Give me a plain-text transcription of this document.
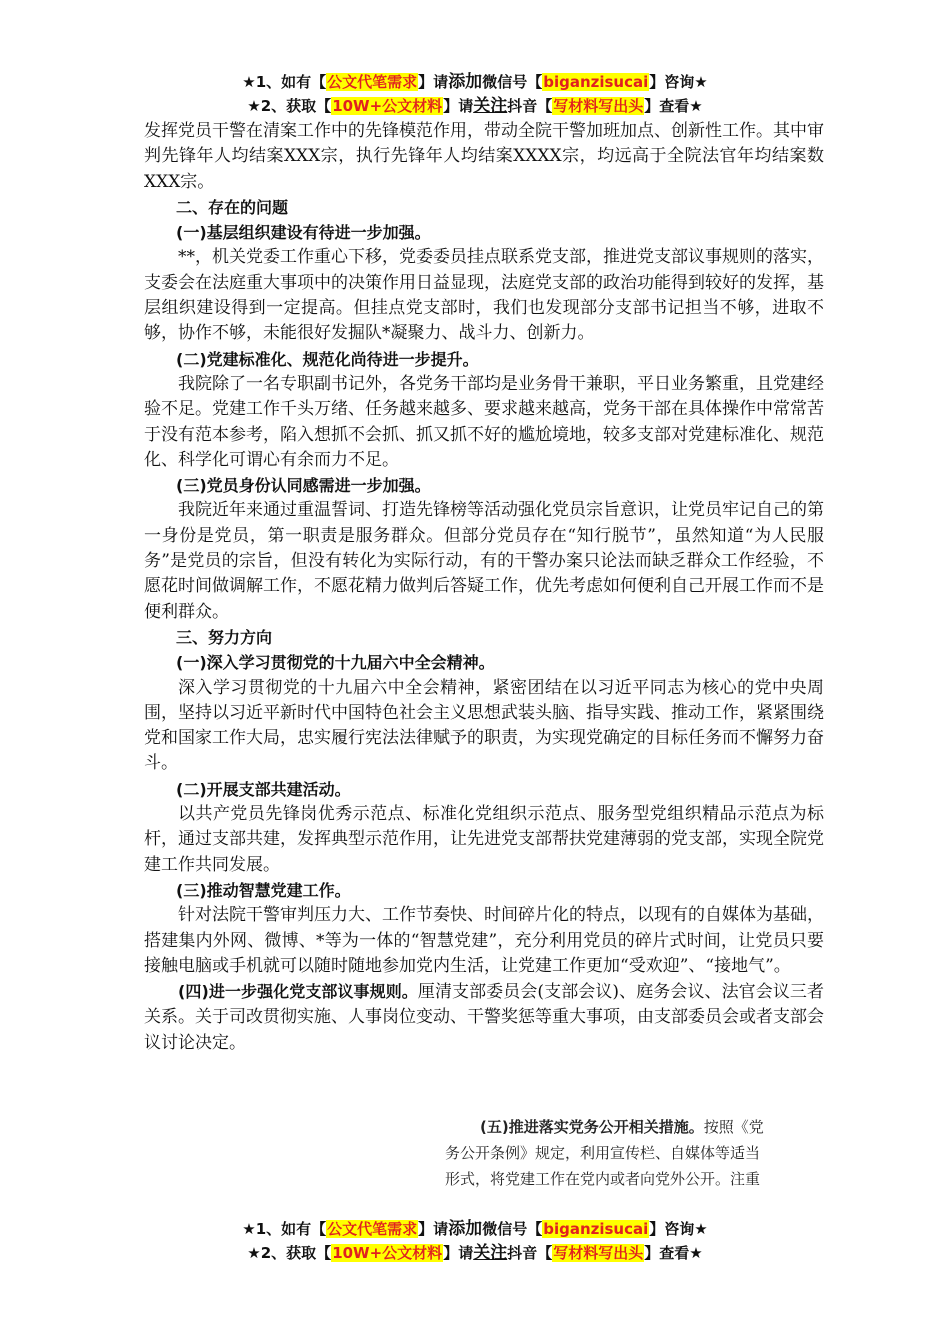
★1、如有【公文代笔需求】请添加微信号【biganzisucai】咨询★
★2、获取【10W+公文材料】请关注抖音【写材料写出头】查看★

发挥党员干警在清案工作中的先锋模范作用，带动全院干警加班加点、创新性工作。其中审判先锋年人均结案XXX宗，执行先锋年人均结案XXXX宗，均远高于全院法官年均结案数XXX宗。

二、存在的问题

(一)基层组织建设有待进一步加强。

**，机关党委工作重心下移，党委委员挂点联系党支部，推进党支部议事规则的落实，支委会在法庭重大事项中的决策作用日益显现，法庭党支部的政治功能得到较好的发挥，基层组织建设得到一定提高。但挂点党支部时，我们也发现部分支部书记担当不够，进取不够，协作不够，未能很好发掘队*凝聚力、战斗力、创新力。

(二)党建标准化、规范化尚待进一步提升。

我院除了一名专职副书记外，各党务干部均是业务骨干兼职，平日业务繁重，且党建经验不足。党建工作千头万绪、任务越来越多、要求越来越高，党务干部在具体操作中常常苦于没有范本参考，陷入想抓不会抓、抓又抓不好的尴尬境地，较多支部对党建标准化、规范化、科学化可谓心有余而力不足。

(三)党员身份认同感需进一步加强。

我院近年来通过重温誓词、打造先锋榜等活动强化党员宗旨意识，让党员牢记自己的第一身份是党员，第一职责是服务群众。但部分党员存在“知行脱节”，虽然知道“为人民服务”是党员的宗旨，但没有转化为实际行动，有的干警办案只论法而缺乏群众工作经验，不愿花时间做调解工作，不愿花精力做判后答疑工作，优先考虑如何便利自己开展工作而不是便利群众。

三、努力方向

(一)深入学习贯彻党的十九届六中全会精神。

深入学习贯彻党的十九届六中全会精神，紧密团结在以习近平同志为核心的党中央周围，坚持以习近平新时代中国特色社会主义思想武装头脑、指导实践、推动工作，紧紧围绕党和国家工作大局，忠实履行宪法法律赋予的职责，为实现党确定的目标任务而不懈努力奋斗。

(二)开展支部共建活动。

以共产党员先锋岗优秀示范点、标准化党组织示范点、服务型党组织精品示范点为标杆，通过支部共建，发挥典型示范作用，让先进党支部帮扶党建薄弱的党支部，实现全院党建工作共同发展。

(三)推动智慧党建工作。

针对法院干警审判压力大、工作节奏快、时间碎片化的特点，以现有的自媒体为基础，搭建集内外网、微博、*等为一体的“智慧党建”，充分利用党员的碎片式时间，让党员只要接触电脑或手机就可以随时随地参加党内生活，让党建工作更加“受欢迎”、“接地气”。

(四)进一步强化党支部议事规则。厘清支部委员会(支部会议)、庭务会议、法官会议三者关系。关于司改贯彻实施、人事岗位变动、干警奖惩等重大事项，由支部委员会或者支部会议讨论决定。

(五)推进落实党务公开相关措施。按照《党

务公开条例》规定，利用宣传栏、自媒体等适当

形式，将党建工作在党内或者向党外公开。注重

★1、如有【公文代笔需求】请添加微信号【biganzisucai】咨询★
★2、获取【10W+公文材料】请关注抖音【写材料写出头】查看★
